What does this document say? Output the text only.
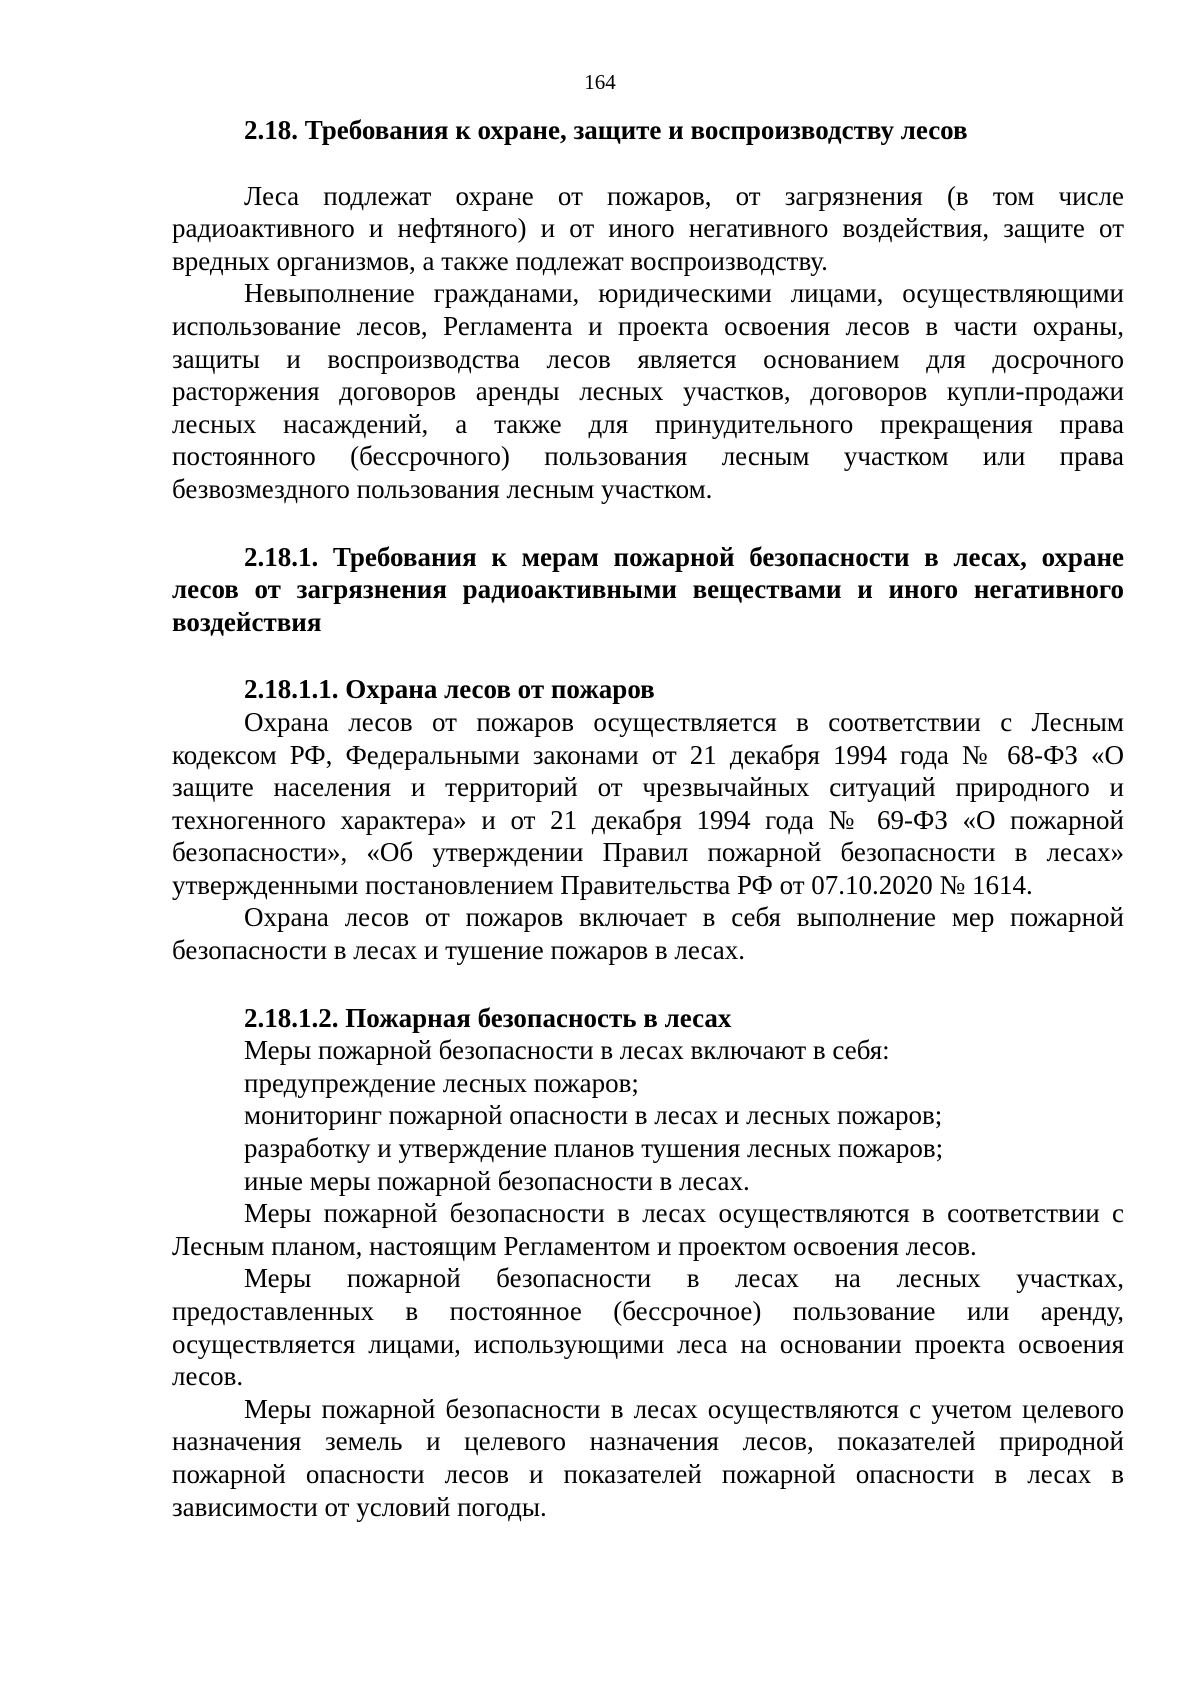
164

2.18. Требования к охране, защите и воспроизводству лесов

Леса подлежат охране от пожаров, от загрязнения (в том числе радиоактивного и нефтяного) и от иного негативного воздействия, защите от вредных организмов, а также подлежат воспроизводству.

Невыполнение гражданами, юридическими лицами, осуществляющими использование лесов, Регламента и проекта освоения лесов в части охраны, защиты и воспроизводства лесов является основанием для досрочного расторжения договоров аренды лесных участков, договоров купли-продажи лесных насаждений, а также для принудительного прекращения права постоянного (бессрочного) пользования лесным участком или права безвозмездного пользования лесным участком.

2.18.1. Требования к мерам пожарной безопасности в лесах, охране лесов от загрязнения радиоактивными веществами и иного негативного воздействия

2.18.1.1. Охрана лесов от пожаров

Охрана лесов от пожаров осуществляется в соответствии с Лесным кодексом РФ, Федеральными законами от 21 декабря 1994 года № 68-ФЗ «О защите населения и территорий от чрезвычайных ситуаций природного и техногенного характера» и от 21 декабря 1994 года № 69-ФЗ «О пожарной безопасности», «Об утверждении Правил пожарной безопасности в лесах» утвержденными постановлением Правительства РФ от 07.10.2020 № 1614.

Охрана лесов от пожаров включает в себя выполнение мер пожарной безопасности в лесах и тушение пожаров в лесах.

2.18.1.2. Пожарная безопасность в лесах

Меры пожарной безопасности в лесах включают в себя:

предупреждение лесных пожаров;

мониторинг пожарной опасности в лесах и лесных пожаров;

разработку и утверждение планов тушения лесных пожаров;

иные меры пожарной безопасности в лесах.

Меры пожарной безопасности в лесах осуществляются в соответствии с Лесным планом, настоящим Регламентом и проектом освоения лесов.

Меры пожарной безопасности в лесах на лесных участках, предоставленных в постоянное (бессрочное) пользование или аренду, осуществляется лицами, использующими леса на основании проекта освоения лесов.

Меры пожарной безопасности в лесах осуществляются с учетом целевого назначения земель и целевого назначения лесов, показателей природной пожарной опасности лесов и показателей пожарной опасности в лесах в зависимости от условий погоды.
